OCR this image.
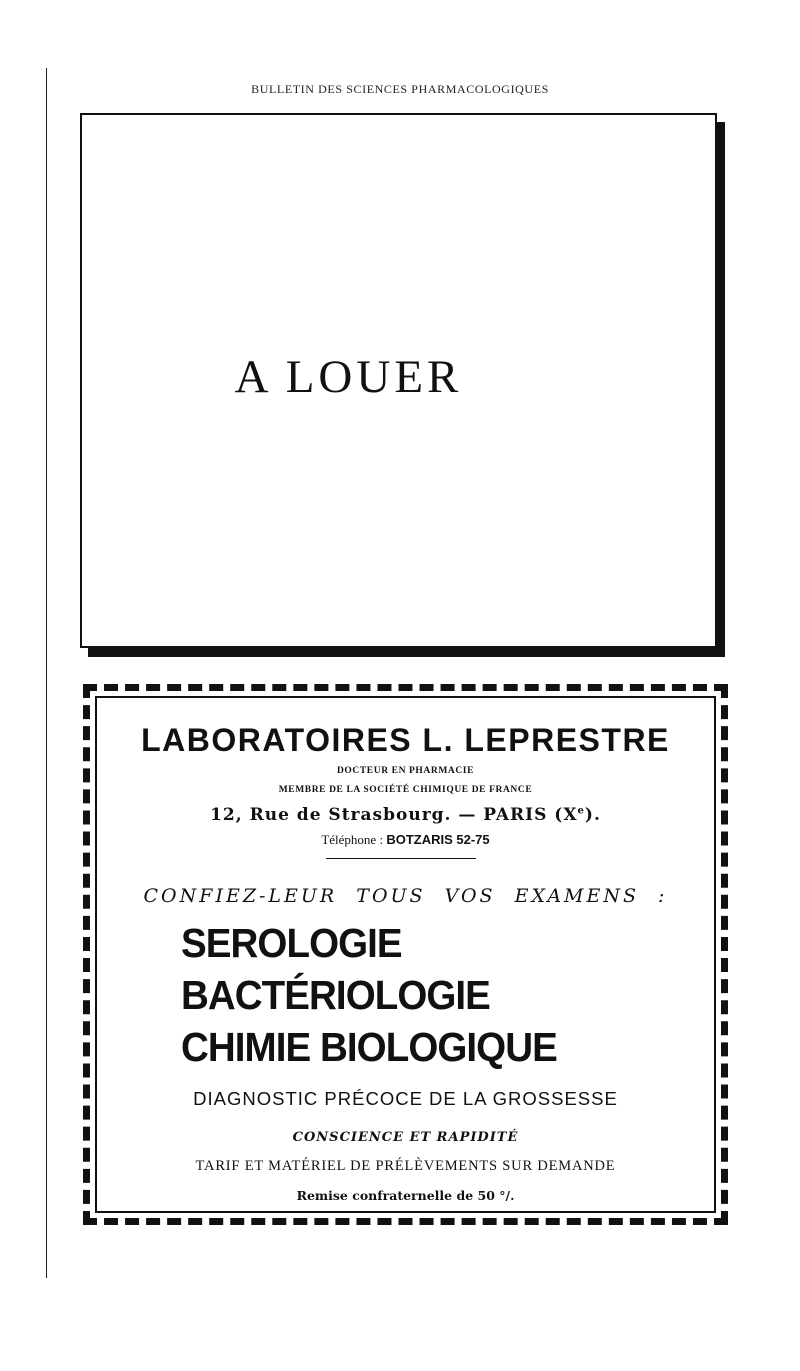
BULLETIN DES SCIENCES PHARMACOLOGIQUES
A LOUER
LABORATOIRES L. LEPRESTRE
DOCTEUR EN PHARMACIE
MEMBRE DE LA SOCIÉTÉ CHIMIQUE DE FRANCE
12, Rue de Strasbourg. — PARIS (Xe).
Téléphone : BOTZARIS 52-75
CONFIEZ-LEUR TOUS VOS EXAMENS :
SEROLOGIE
BACTÉRIOLOGIE
CHIMIE BIOLOGIQUE
DIAGNOSTIC PRÉCOCE DE LA GROSSESSE
CONSCIENCE ET RAPIDITÉ
TARIF ET MATÉRIEL DE PRÉLÈVEMENTS SUR DEMANDE
Remise confraternelle de 50 °/.
